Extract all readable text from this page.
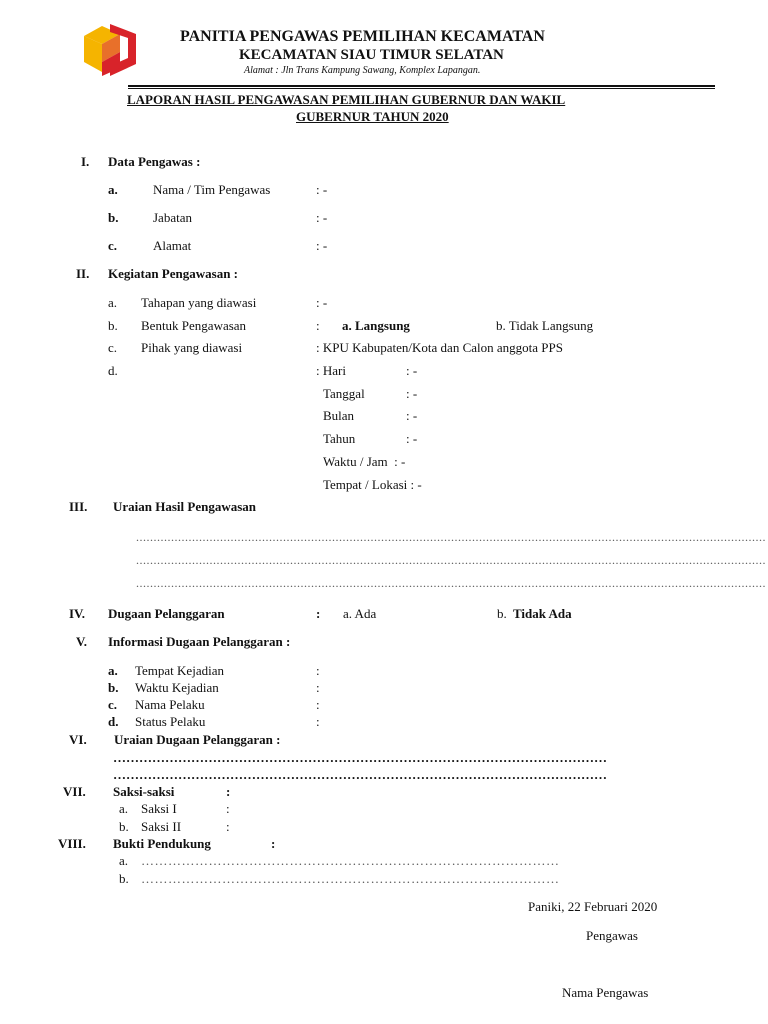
PANITIA PENGAWAS PEMILIHAN KECAMATAN
KECAMATAN SIAU TIMUR SELATAN
Alamat : Jln Trans Kampung Sawang, Komplex Lapangan.
LAPORAN HASIL PENGAWASAN PEMILIHAN GUBERNUR DAN WAKIL
GUBERNUR TAHUN 2020
I. Data Pengawas :
a.	Nama / Tim Pengawas	: -
b.	Jabatan	: -
c.	Alamat	: -
II. Kegiatan Pengawasan :
a. Tahapan yang diawasi	: -
b. Bentuk Pengawasan	: a. Langsung	b. Tidak Langsung
c. Pihak yang diawasi	: KPU Kabupaten/Kota dan Calon anggota PPS
d.	: Hari	: -
Tanggal	: -
Bulan	: -
Tahun	: -
Waktu / Jam  : -
Tempat / Lokasi : -
III. Uraian Hasil Pengawasan
....................................................................................................................................................................................
....................................................................................................................................................................................
....................................................................................................................................................................................
IV. Dugaan Pelanggaran	: a. Ada	b. Tidak Ada
V. Informasi Dugaan Pelanggaran :
a. Tempat Kejadian	:
b. Waktu Kejadian	:
c. Nama Pelaku	:
d. Status Pelaku	:
VI. Uraian Dugaan Pelanggaran :
……………………………………………………………………………………………………
……………………………………………………………………………………………………
VII. Saksi-saksi	:
a. Saksi I	:
b. Saksi II	:
VIII. Bukti Pendukung	:
a. …………………………………………………………………………………
b. …………………………………………………………………………………
Paniki, 22 Februari 2020
Pengawas
Nama Pengawas
